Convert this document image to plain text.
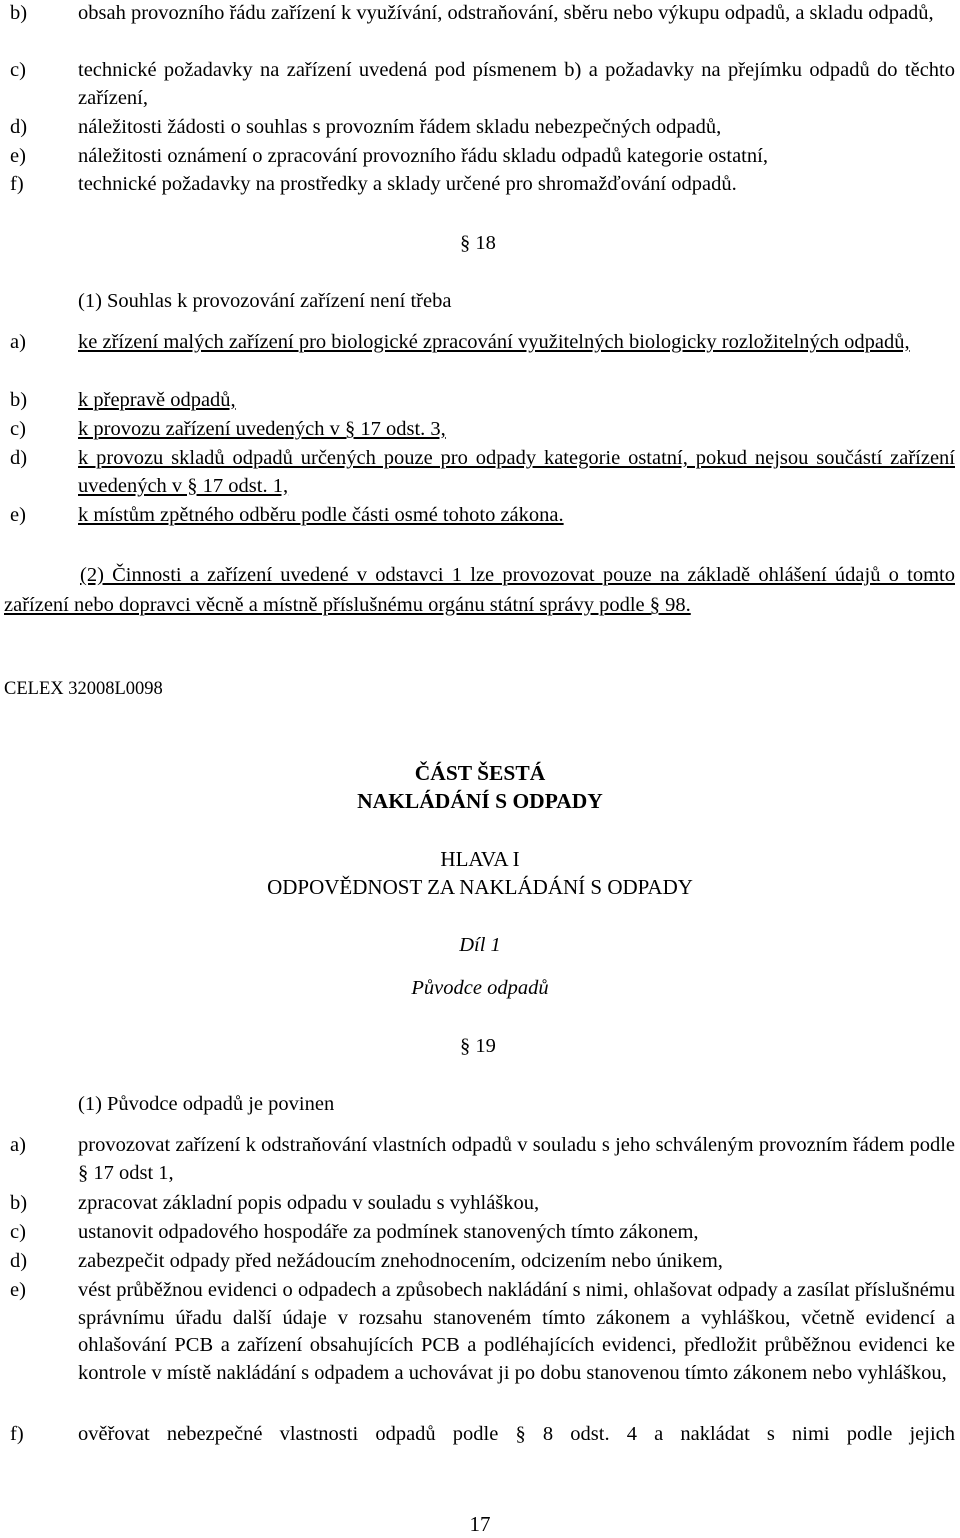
b)	obsah provozního řádu zařízení k využívání, odstraňování, sběru nebo výkupu odpadů, a skladu odpadů,
c)	technické požadavky na zařízení uvedená pod písmenem b) a požadavky na přejímku odpadů do těchto zařízení,
d)	náležitosti žádosti o souhlas s provozním řádem skladu nebezpečných odpadů,
e)	náležitosti oznámení o zpracování provozního řádu skladu odpadů kategorie ostatní,
f)	technické požadavky na prostředky a sklady určené pro shromažďování odpadů.
§ 18
(1) Souhlas k provozování zařízení není třeba
a)	ke zřízení malých zařízení pro biologické zpracování využitelných biologicky rozložitelných odpadů,
b)	k přepravě odpadů,
c)	k provozu zařízení uvedených v § 17 odst. 3,
d)	k provozu skladů odpadů určených pouze pro odpady kategorie ostatní, pokud nejsou součástí zařízení uvedených v § 17 odst. 1,
e)	k místům zpětného odběru podle části osmé tohoto zákona.
(2) Činnosti a zařízení uvedené v odstavci 1 lze provozovat pouze na základě ohlášení údajů o tomto zařízení nebo dopravci věcně a místně příslušnému orgánu státní správy podle § 98.
CELEX 32008L0098
ČÁST ŠESTÁ
NAKLÁDÁNÍ S ODPADY
HLAVA I
ODPOVĚDNOST ZA NAKLÁDÁNÍ S ODPADY
Díl 1
Původce odpadů
§ 19
(1) Původce odpadů je povinen
a)	provozovat zařízení k odstraňování vlastních odpadů v souladu s jeho schváleným provozním řádem podle § 17 odst 1,
b)	zpracovat základní popis odpadu v souladu s vyhláškou,
c)	ustanovit odpadového hospodáře za podmínek stanovených tímto zákonem,
d)	zabezpečit odpady před nežádoucím znehodnocením, odcizením nebo únikem,
e)	vést průběžnou evidenci o odpadech a způsobech nakládání s nimi, ohlašovat odpady a zasílat příslušnému správnímu úřadu další údaje v rozsahu stanoveném tímto zákonem a vyhláškou, včetně evidencí a ohlašování PCB a zařízení obsahujících PCB a podléhajících evidenci, předložit průběžnou evidenci ke kontrole v místě nakládání s odpadem a uchovávat ji po dobu stanovenou tímto zákonem nebo vyhláškou,
f)	ověřovat nebezpečné vlastnosti odpadů podle § 8 odst. 4 a nakládat s nimi podle jejich
17
